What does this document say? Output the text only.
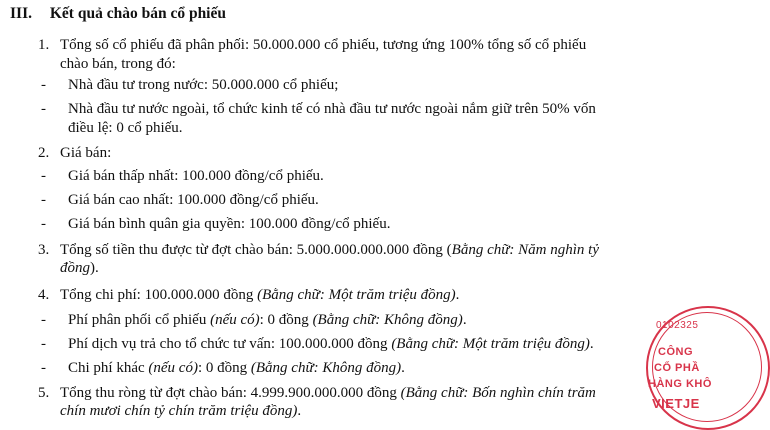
III. Kết quả chào bán cổ phiếu
1. Tổng số cổ phiếu đã phân phối: 50.000.000 cổ phiếu, tương ứng 100% tổng số cổ phiếu
chào bán, trong đó:
- Nhà đầu tư trong nước: 50.000.000 cổ phiếu;
- Nhà đầu tư nước ngoài, tổ chức kinh tế có nhà đầu tư nước ngoài nắm giữ trên 50% vốn
điều lệ: 0 cổ phiếu.
2. Giá bán:
- Giá bán thấp nhất: 100.000 đồng/cổ phiếu.
- Giá bán cao nhất: 100.000 đồng/cổ phiếu.
- Giá bán bình quân gia quyền: 100.000 đồng/cổ phiếu.
3. Tổng số tiền thu được từ đợt chào bán: 5.000.000.000.000 đồng (Bằng chữ: Năm nghìn tỷ
đồng).
4. Tổng chi phí: 100.000.000 đồng (Bằng chữ: Một trăm triệu đồng).
- Phí phân phối cổ phiếu (nếu có): 0 đồng (Bằng chữ: Không đồng).
- Phí dịch vụ trả cho tổ chức tư vấn: 100.000.000 đồng (Bằng chữ: Một trăm triệu đồng).
- Chi phí khác (nếu có): 0 đồng (Bằng chữ: Không đồng).
5. Tổng thu ròng từ đợt chào bán: 4.999.900.000.000 đồng (Bằng chữ: Bốn nghìn chín trăm
chín mươi chín tỷ chín trăm triệu đồng).
0102325
CÔNG
CỔ PHẦ
HÀNG KHÔ
VIETJE
